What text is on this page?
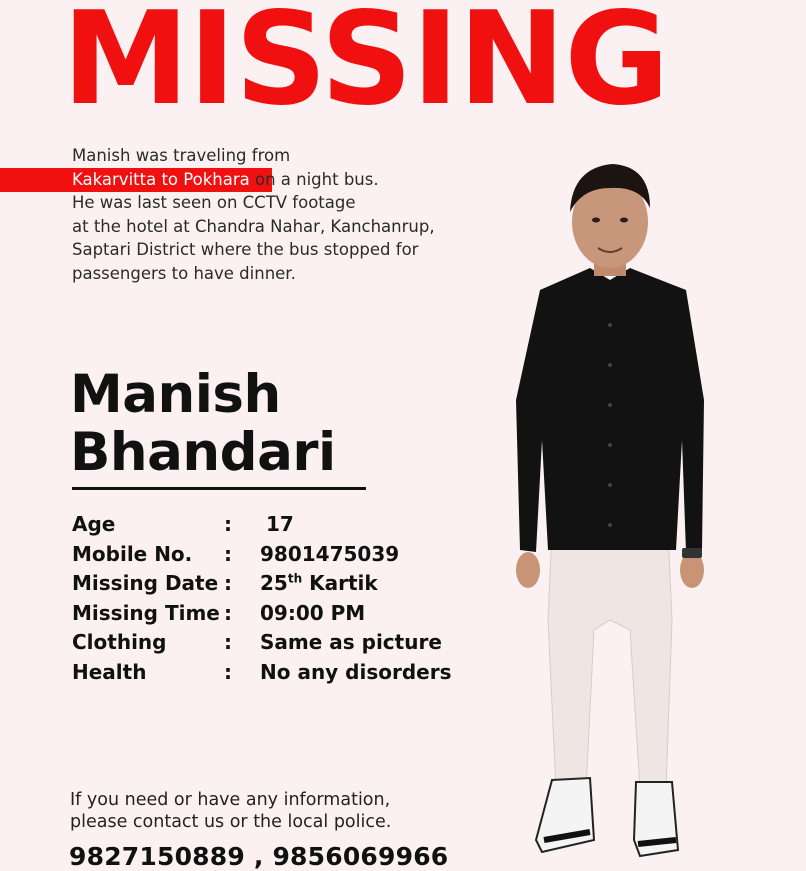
MISSING
Manish was traveling from
Kakarvitta to Pokhara on a night bus.
He was last seen on CCTV footage
at the hotel at Chandra Nahar, Kanchanrup,
Saptari District where the bus stopped for
passengers to have dinner.
Manish
Bhandari
Age	: 17
Mobile No. : 9801475039
Missing Date : 25th Kartik
Missing Time : 09:00 PM
Clothing	: Same as picture
Health	: No any disorders
If you need or have any information,
please contact us or the local police.
9827150889 , 9856069966
